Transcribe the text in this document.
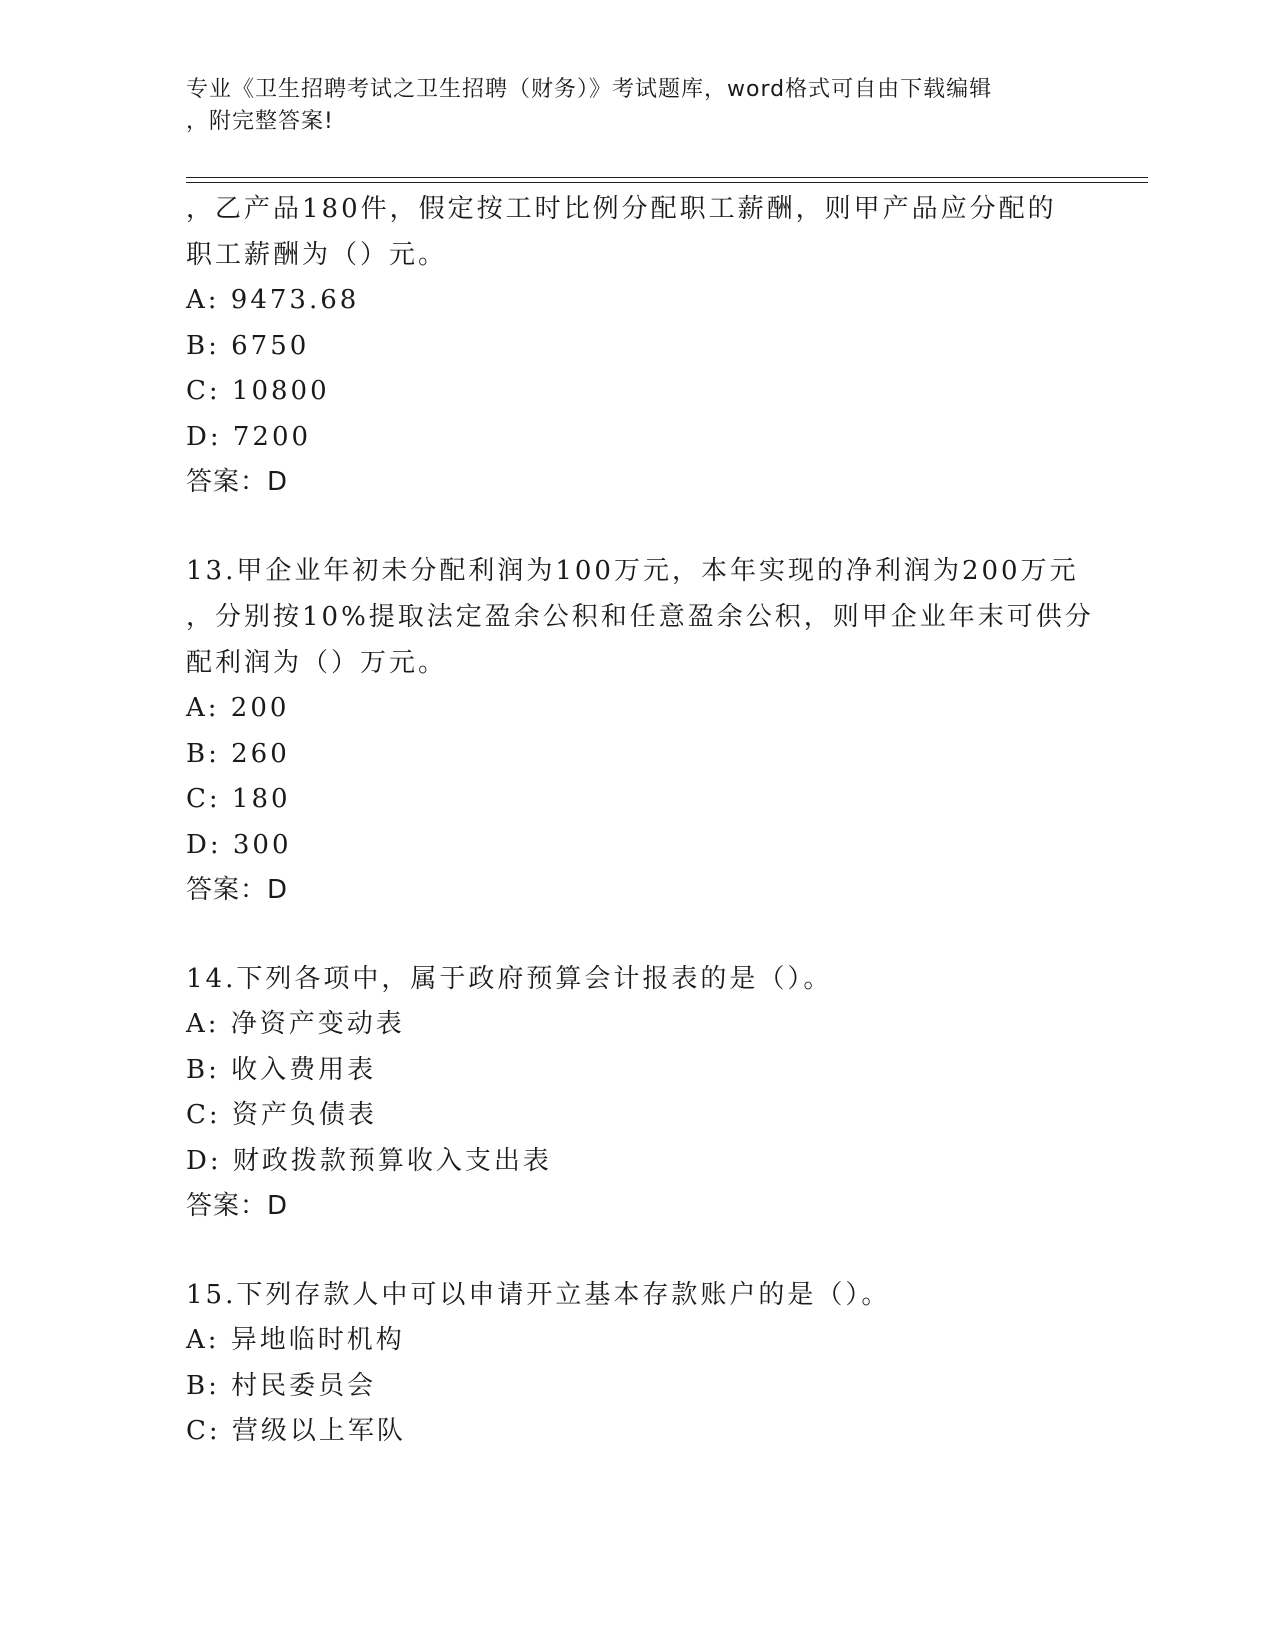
专业《卫生招聘考试之卫生招聘（财务）》考试题库，word格式可自由下载编辑
，附完整答案!
，乙产品180件，假定按工时比例分配职工薪酬，则甲产品应分配的
职工薪酬为（）元。
A: 9473.68
B: 6750
C: 10800
D: 7200
答案：D
13.甲企业年初未分配利润为100万元，本年实现的净利润为200万元
，分别按10%提取法定盈余公积和任意盈余公积，则甲企业年末可供分
配利润为（）万元。
A: 200
B: 260
C: 180
D: 300
答案：D
14.下列各项中，属于政府预算会计报表的是（）。
A: 净资产变动表
B: 收入费用表
C: 资产负债表
D: 财政拨款预算收入支出表
答案：D
15.下列存款人中可以申请开立基本存款账户的是（）。
A: 异地临时机构
B: 村民委员会
C: 营级以上军队
